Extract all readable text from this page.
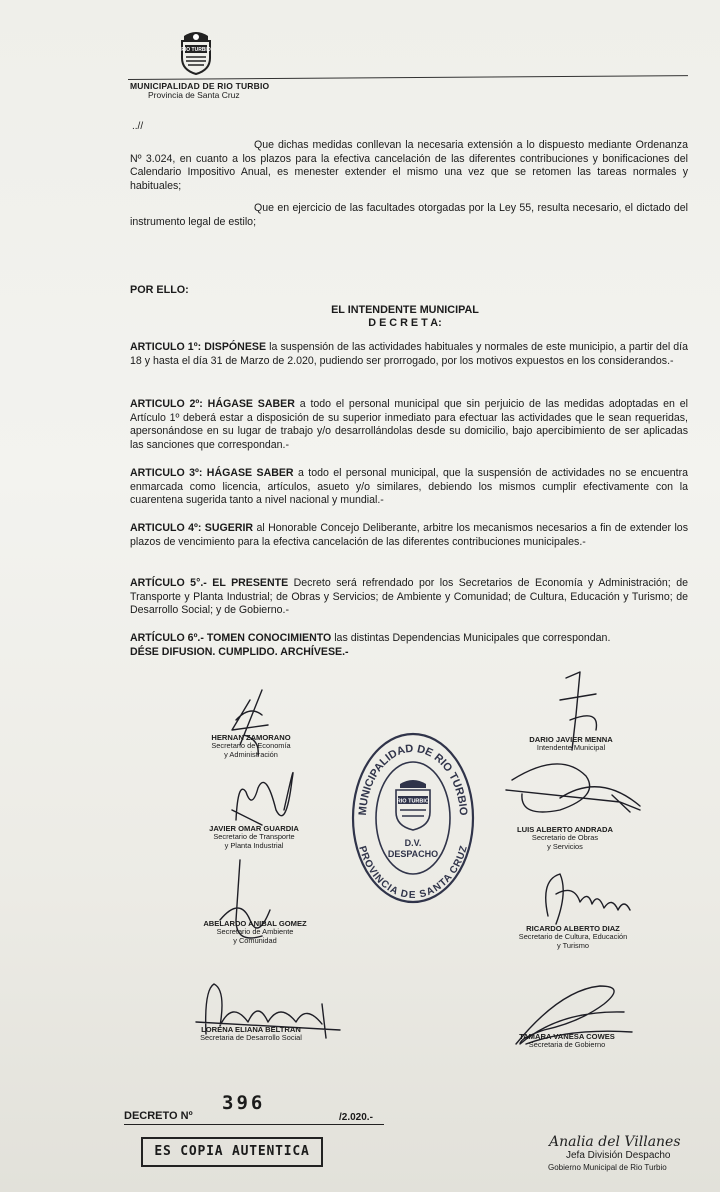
RIO TURBIO
MUNICIPALIDAD DE RIO TURBIO
Provincia de Santa Cruz
..//
Que dichas medidas conllevan la necesaria extensión a lo dispuesto mediante Ordenanza Nº 3.024, en cuanto a los plazos para la efectiva cancelación de las diferentes contribuciones y bonificaciones del Calendario Impositivo Anual, es menester extender el mismo una vez que se retomen las tareas normales y habituales;
Que en ejercicio de las facultades otorgadas por la Ley 55, resulta necesario, el dictado del instrumento legal de estilo;
POR ELLO:
EL INTENDENTE MUNICIPAL
D E C R E T A:
ARTICULO 1º: DISPÓNESE la suspensión de las actividades habituales y normales de este municipio, a partir del día 18 y hasta el día 31 de Marzo de 2.020, pudiendo ser prorrogado, por los motivos expuestos en los considerandos.-
ARTICULO 2º: HÁGASE SABER a todo el personal municipal que sin perjuicio de las medidas adoptadas en el Artículo 1º deberá estar a disposición de su superior inmediato para efectuar las actividades que le sean requeridas, apersonándose en su lugar de trabajo y/o desarrollándolas desde su domicilio, bajo apercibimiento de ser aplicadas las sanciones que correspondan.-
ARTICULO 3º: HÁGASE SABER a todo el personal municipal, que la suspensión de actividades no se encuentra enmarcada como licencia, artículos, asueto y/o similares, debiendo los mismos cumplir efectivamente con la cuarentena sugerida tanto a nivel nacional y mundial.-
ARTICULO 4º: SUGERIR al Honorable Concejo Deliberante, arbitre los mecanismos necesarios a fin de extender los plazos de vencimiento para la efectiva cancelación de las diferentes contribuciones municipales.-
ARTÍCULO 5°.- EL PRESENTE Decreto será refrendado por los Secretarios de Economía y Administración; de Transporte y Planta Industrial; de Obras y Servicios; de Ambiente y Comunidad; de Cultura, Educación y Turismo; de Desarrollo Social; y de Gobierno.-
ARTÍCULO 6º.- TOMEN CONOCIMIENTO las distintas Dependencias Municipales que correspondan.
DÉSE DIFUSION. CUMPLIDO. ARCHÍVESE.-
MUNICIPALIDAD DE RIO TURBIO
PROVINCIA DE SANTA CRUZ
RIO TURBIO
D.V.
DESPACHO
HERNAN ZAMORANO
Secretario de Economía
y Administración
DARIO JAVIER MENNA
Intendente Municipal
JAVIER OMAR GUARDIA
Secretario de Transporte
y Planta Industrial
LUIS ALBERTO ANDRADA
Secretario de Obras
y Servicios
ABELARDO ANIBAL GOMEZ
Secretario de Ambiente
y Comunidad
RICARDO ALBERTO DIAZ
Secretario de Cultura, Educación
y Turismo
LORENA ELIANA BELTRAN
Secretaria de Desarrollo Social	TAMARA VANESA COWES
Secretaria de Gobierno
DECRETO Nº
396
/2.020.-
ES COPIA AUTENTICA
Analia del Villanes
Jefa División Despacho
Gobierno Municipal de Rio Turbio
